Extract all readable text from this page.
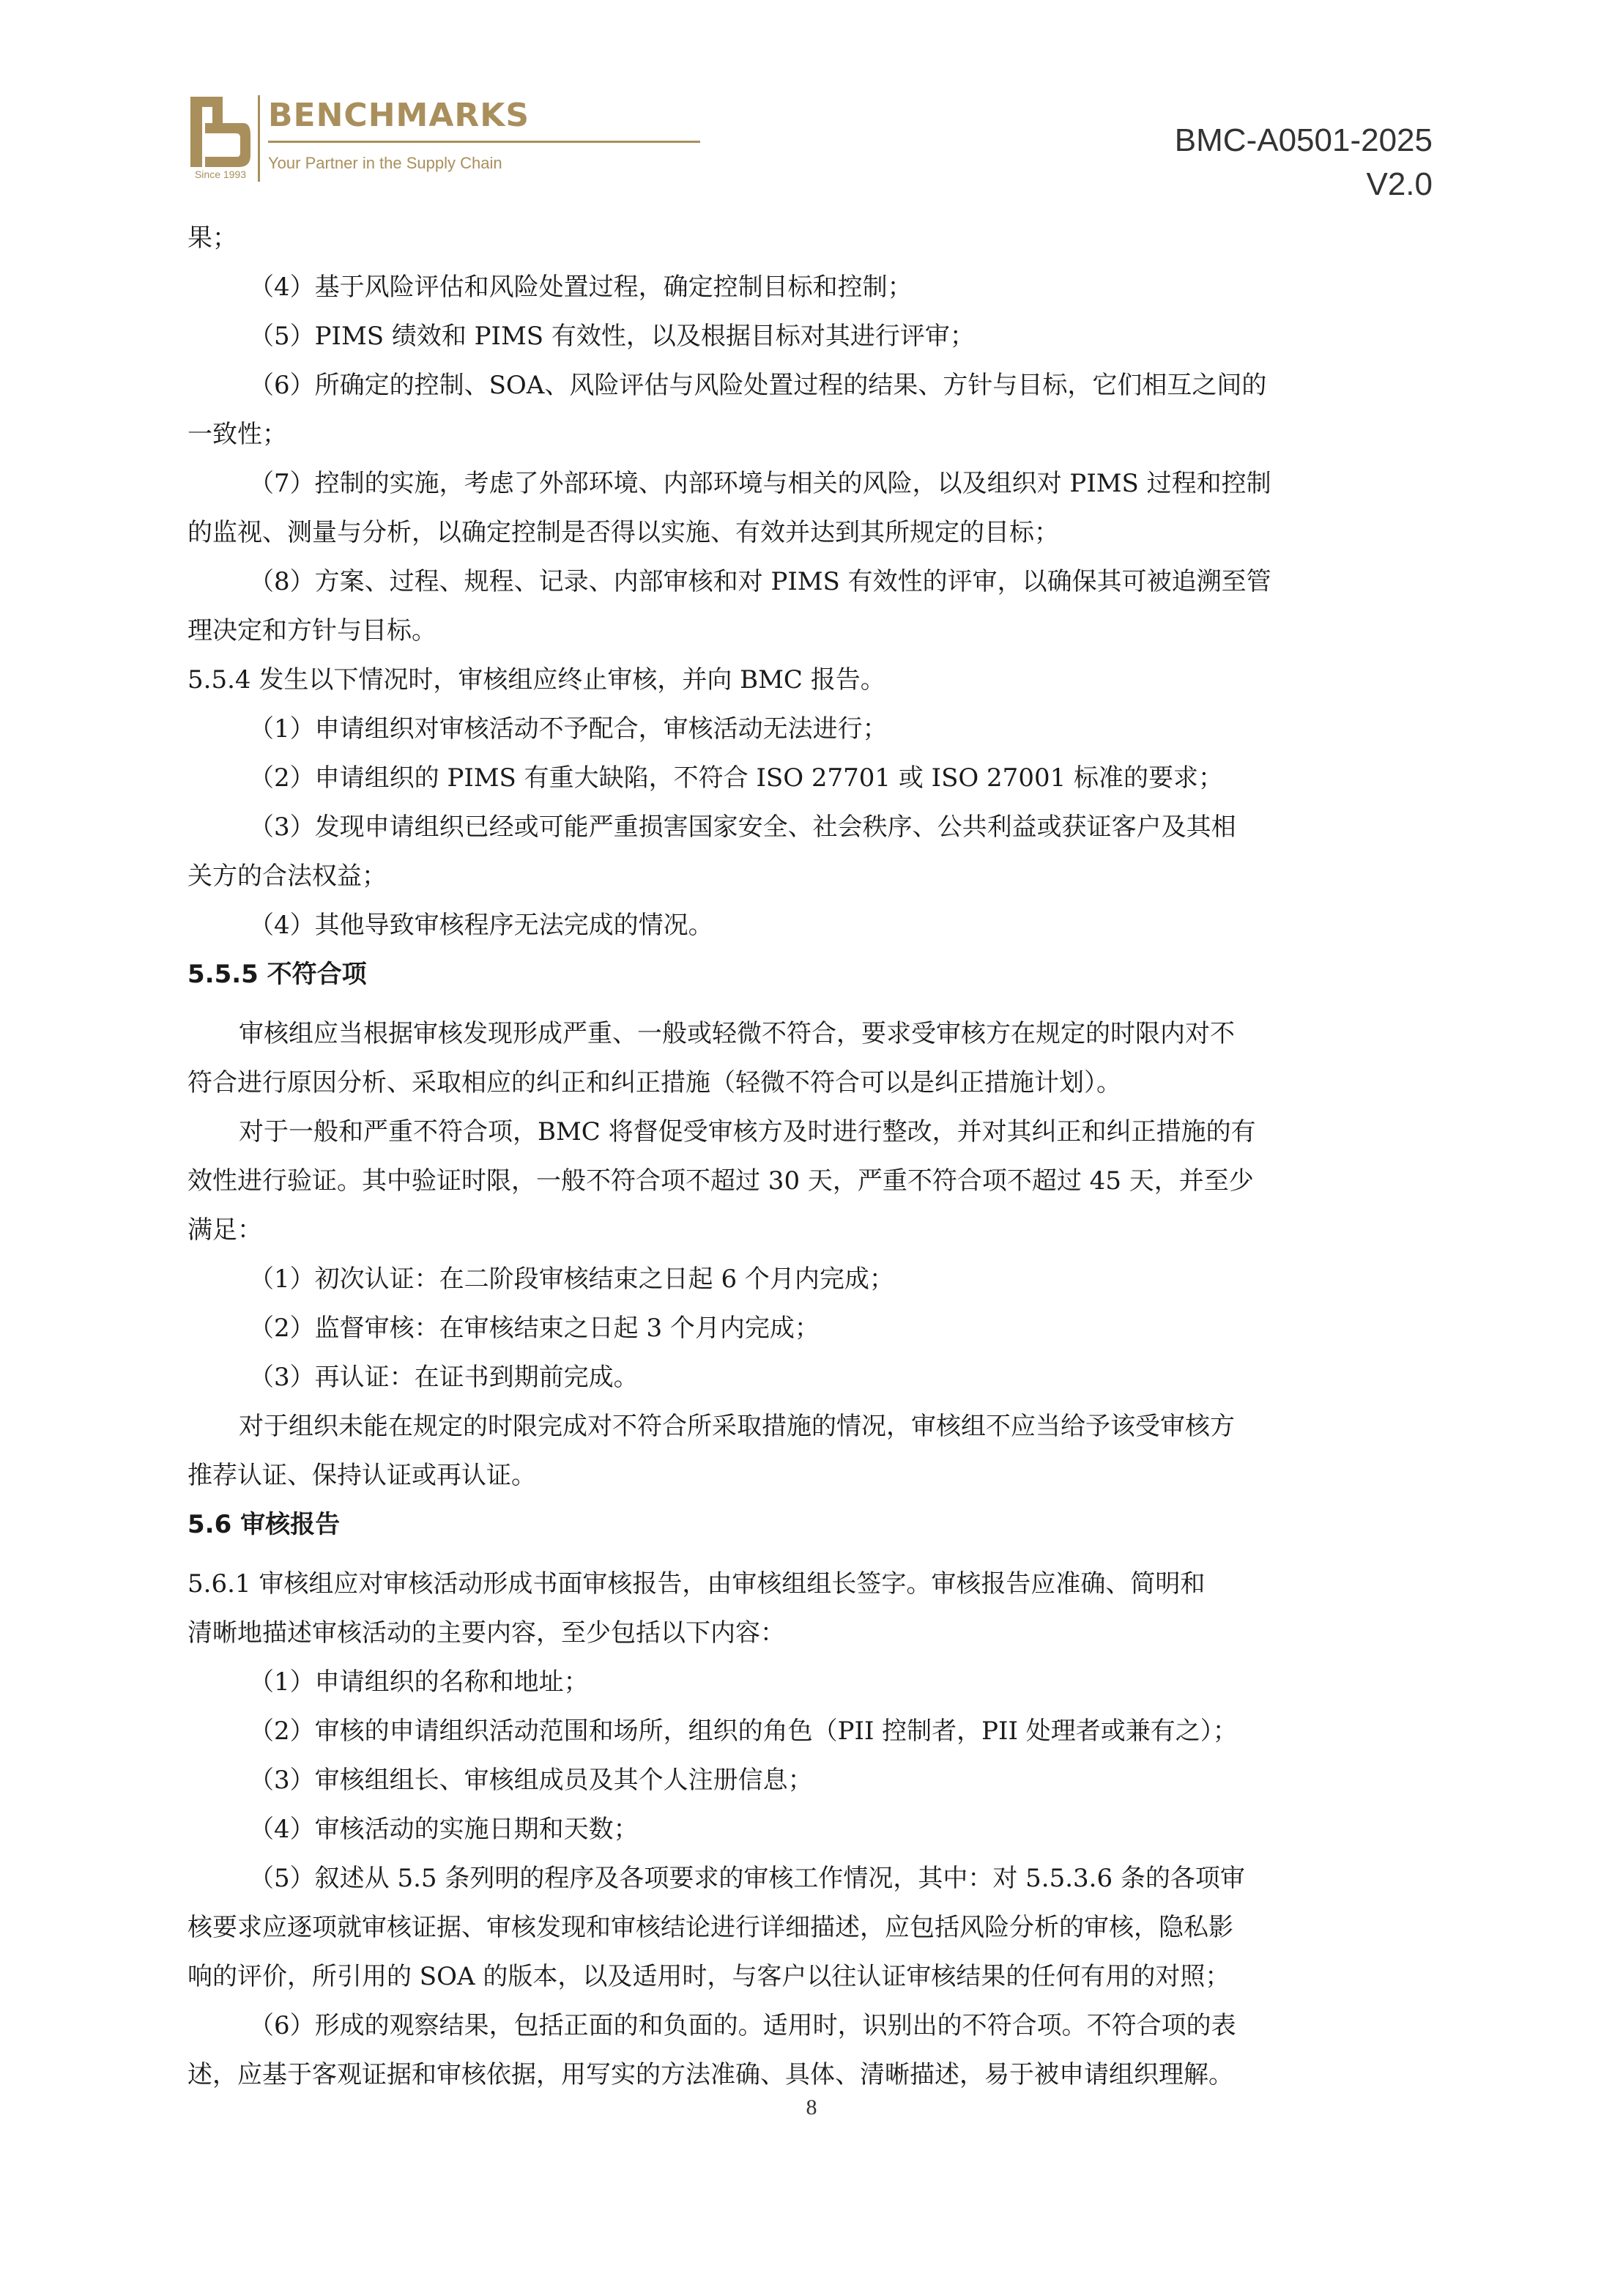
Since 1993
BENCHMARKS
Your Partner in the Supply Chain
BMC-A0501-2025
V2.0

果；

（4）基于风险评估和风险处置过程，确定控制目标和控制；

（5）PIMS 绩效和 PIMS 有效性，以及根据目标对其进行评审；

（6）所确定的控制、SOA、风险评估与风险处置过程的结果、方针与目标，它们相互之间的

一致性；

（7）控制的实施，考虑了外部环境、内部环境与相关的风险，以及组织对 PIMS 过程和控制

的监视、测量与分析，以确定控制是否得以实施、有效并达到其所规定的目标；

（8）方案、过程、规程、记录、内部审核和对 PIMS 有效性的评审，以确保其可被追溯至管

理决定和方针与目标。

5.5.4 发生以下情况时，审核组应终止审核，并向 BMC 报告。

（1）申请组织对审核活动不予配合，审核活动无法进行；

（2）申请组织的 PIMS 有重大缺陷，不符合 ISO 27701 或 ISO 27001 标准的要求；

（3）发现申请组织已经或可能严重损害国家安全、社会秩序、公共利益或获证客户及其相

关方的合法权益；

（4）其他导致审核程序无法完成的情况。

5.5.5 不符合项

审核组应当根据审核发现形成严重、一般或轻微不符合，要求受审核方在规定的时限内对不

符合进行原因分析、采取相应的纠正和纠正措施（轻微不符合可以是纠正措施计划）。

对于一般和严重不符合项，BMC 将督促受审核方及时进行整改，并对其纠正和纠正措施的有

效性进行验证。其中验证时限，一般不符合项不超过 30 天，严重不符合项不超过 45 天，并至少

满足：

（1）初次认证：在二阶段审核结束之日起 6 个月内完成；

（2）监督审核：在审核结束之日起 3 个月内完成；

（3）再认证：在证书到期前完成。

对于组织未能在规定的时限完成对不符合所采取措施的情况，审核组不应当给予该受审核方

推荐认证、保持认证或再认证。

5.6 审核报告

5.6.1 审核组应对审核活动形成书面审核报告，由审核组组长签字。审核报告应准确、简明和

清晰地描述审核活动的主要内容，至少包括以下内容：

（1）申请组织的名称和地址；

（2）审核的申请组织活动范围和场所，组织的角色（PII 控制者，PII 处理者或兼有之）；

（3）审核组组长、审核组成员及其个人注册信息；

（4）审核活动的实施日期和天数；

（5）叙述从 5.5 条列明的程序及各项要求的审核工作情况，其中：对 5.5.3.6 条的各项审

核要求应逐项就审核证据、审核发现和审核结论进行详细描述，应包括风险分析的审核，隐私影

响的评价，所引用的 SOA 的版本，以及适用时，与客户以往认证审核结果的任何有用的对照；

（6）形成的观察结果，包括正面的和负面的。适用时，识别出的不符合项。不符合项的表

述，应基于客观证据和审核依据，用写实的方法准确、具体、清晰描述，易于被申请组织理解。

8
